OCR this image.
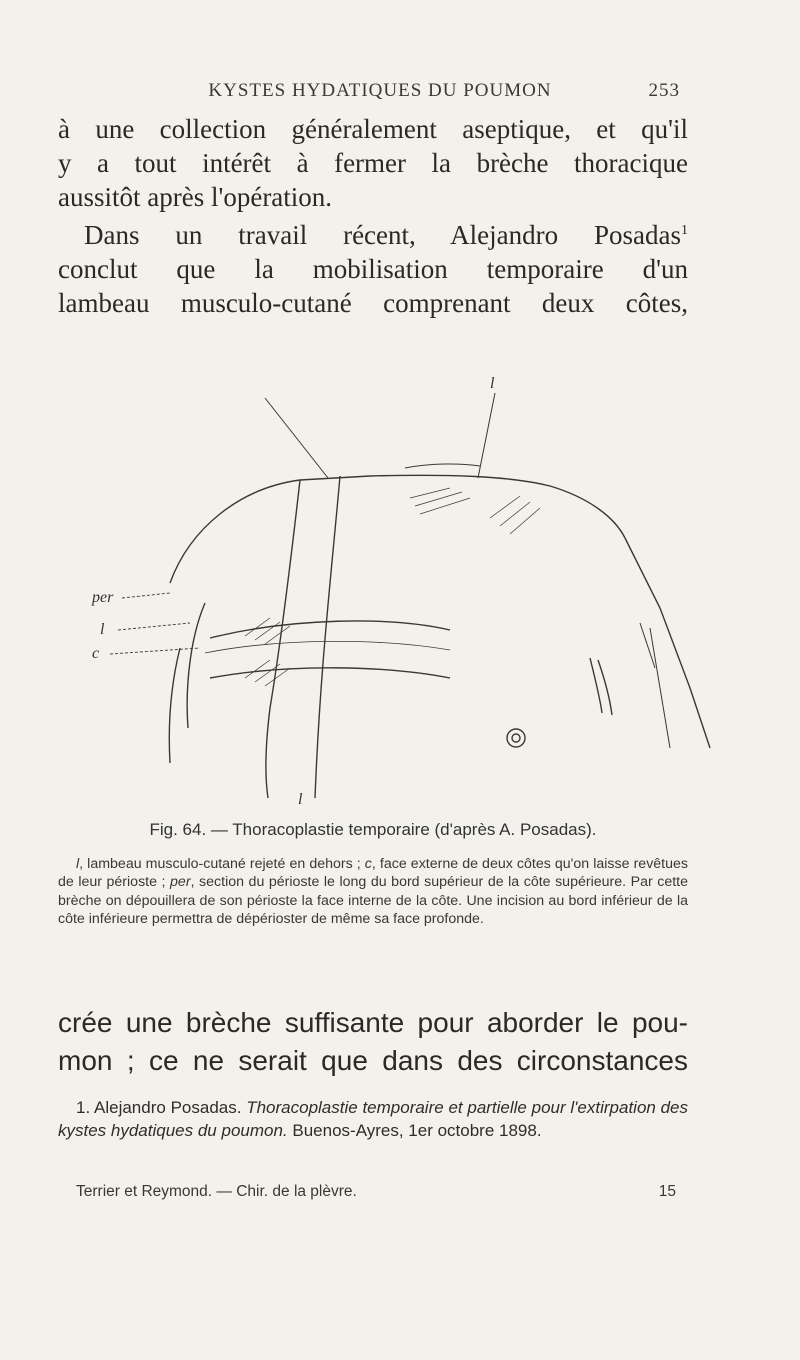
KYSTES HYDATIQUES DU POUMON	253

à une collection généralement aseptique, et qu'il

y a tout intérêt à fermer la brèche thoracique

aussitôt après l'opération.

Dans un travail récent, Alejandro Posadas$^1$

conclut que la mobilisation temporaire d'un

lambeau musculo-cutané comprenant deux côtes,

per
l
c
l
l
Fig. 64. — Thoracoplastie temporaire (d'après A. Posadas).

l, lambeau musculo-cutané rejeté en dehors ; c, face externe de deux côtes qu'on laisse revêtues de leur périoste ; per, section du périoste le long du bord supérieur de la côte supérieure. Par cette brèche on dépouillera de son périoste la face interne de la côte. Une incision au bord inférieur de la côte inférieure permettra de dépérioster de même sa face profonde.

crée une brèche suffisante pour aborder le pou-

mon ; ce ne serait que dans des circonstances

1. Alejandro Posadas. Thoracoplastie temporaire et partielle pour l'extirpation des kystes hydatiques du poumon. Buenos-Ayres, 1er octobre 1898.

Terrier et Reymond. — Chir. de la plèvre.	15
